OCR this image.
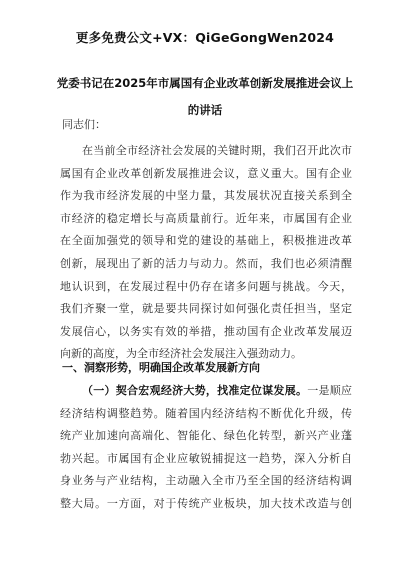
更多免费公文+VX：QiGeGongWen2024
党委书记在2025年市属国有企业改革创新发展推进会议上
的讲话
同志们：
在当前全市经济社会发展的关键时期，我们召开此次市
属国有企业改革创新发展推进会议，意义重大。国有企业
作为我市经济发展的中坚力量，其发展状况直接关系到全
市经济的稳定增长与高质量前行。近年来，市属国有企业
在全面加强党的领导和党的建设的基础上，积极推进改革
创新，展现出了新的活力与动力。然而，我们也必须清醒
地认识到，在发展过程中仍存在诸多问题与挑战。今天，
我们齐聚一堂，就是要共同探讨如何强化责任担当，坚定
发展信心，以务实有效的举措，推动国有企业改革发展迈
向新的高度，为全市经济社会发展注入强劲动力。
一、洞察形势，明确国企改革发展新方向
（一）契合宏观经济大势，找准定位谋发展。一是顺应
经济结构调整趋势。随着国内经济结构不断优化升级，传
统产业加速向高端化、智能化、绿色化转型，新兴产业蓬
勃兴起。市属国有企业应敏锐捕捉这一趋势，深入分析自
身业务与产业结构，主动融入全市乃至全国的经济结构调
整大局。一方面，对于传统产业板块，加大技术改造与创
